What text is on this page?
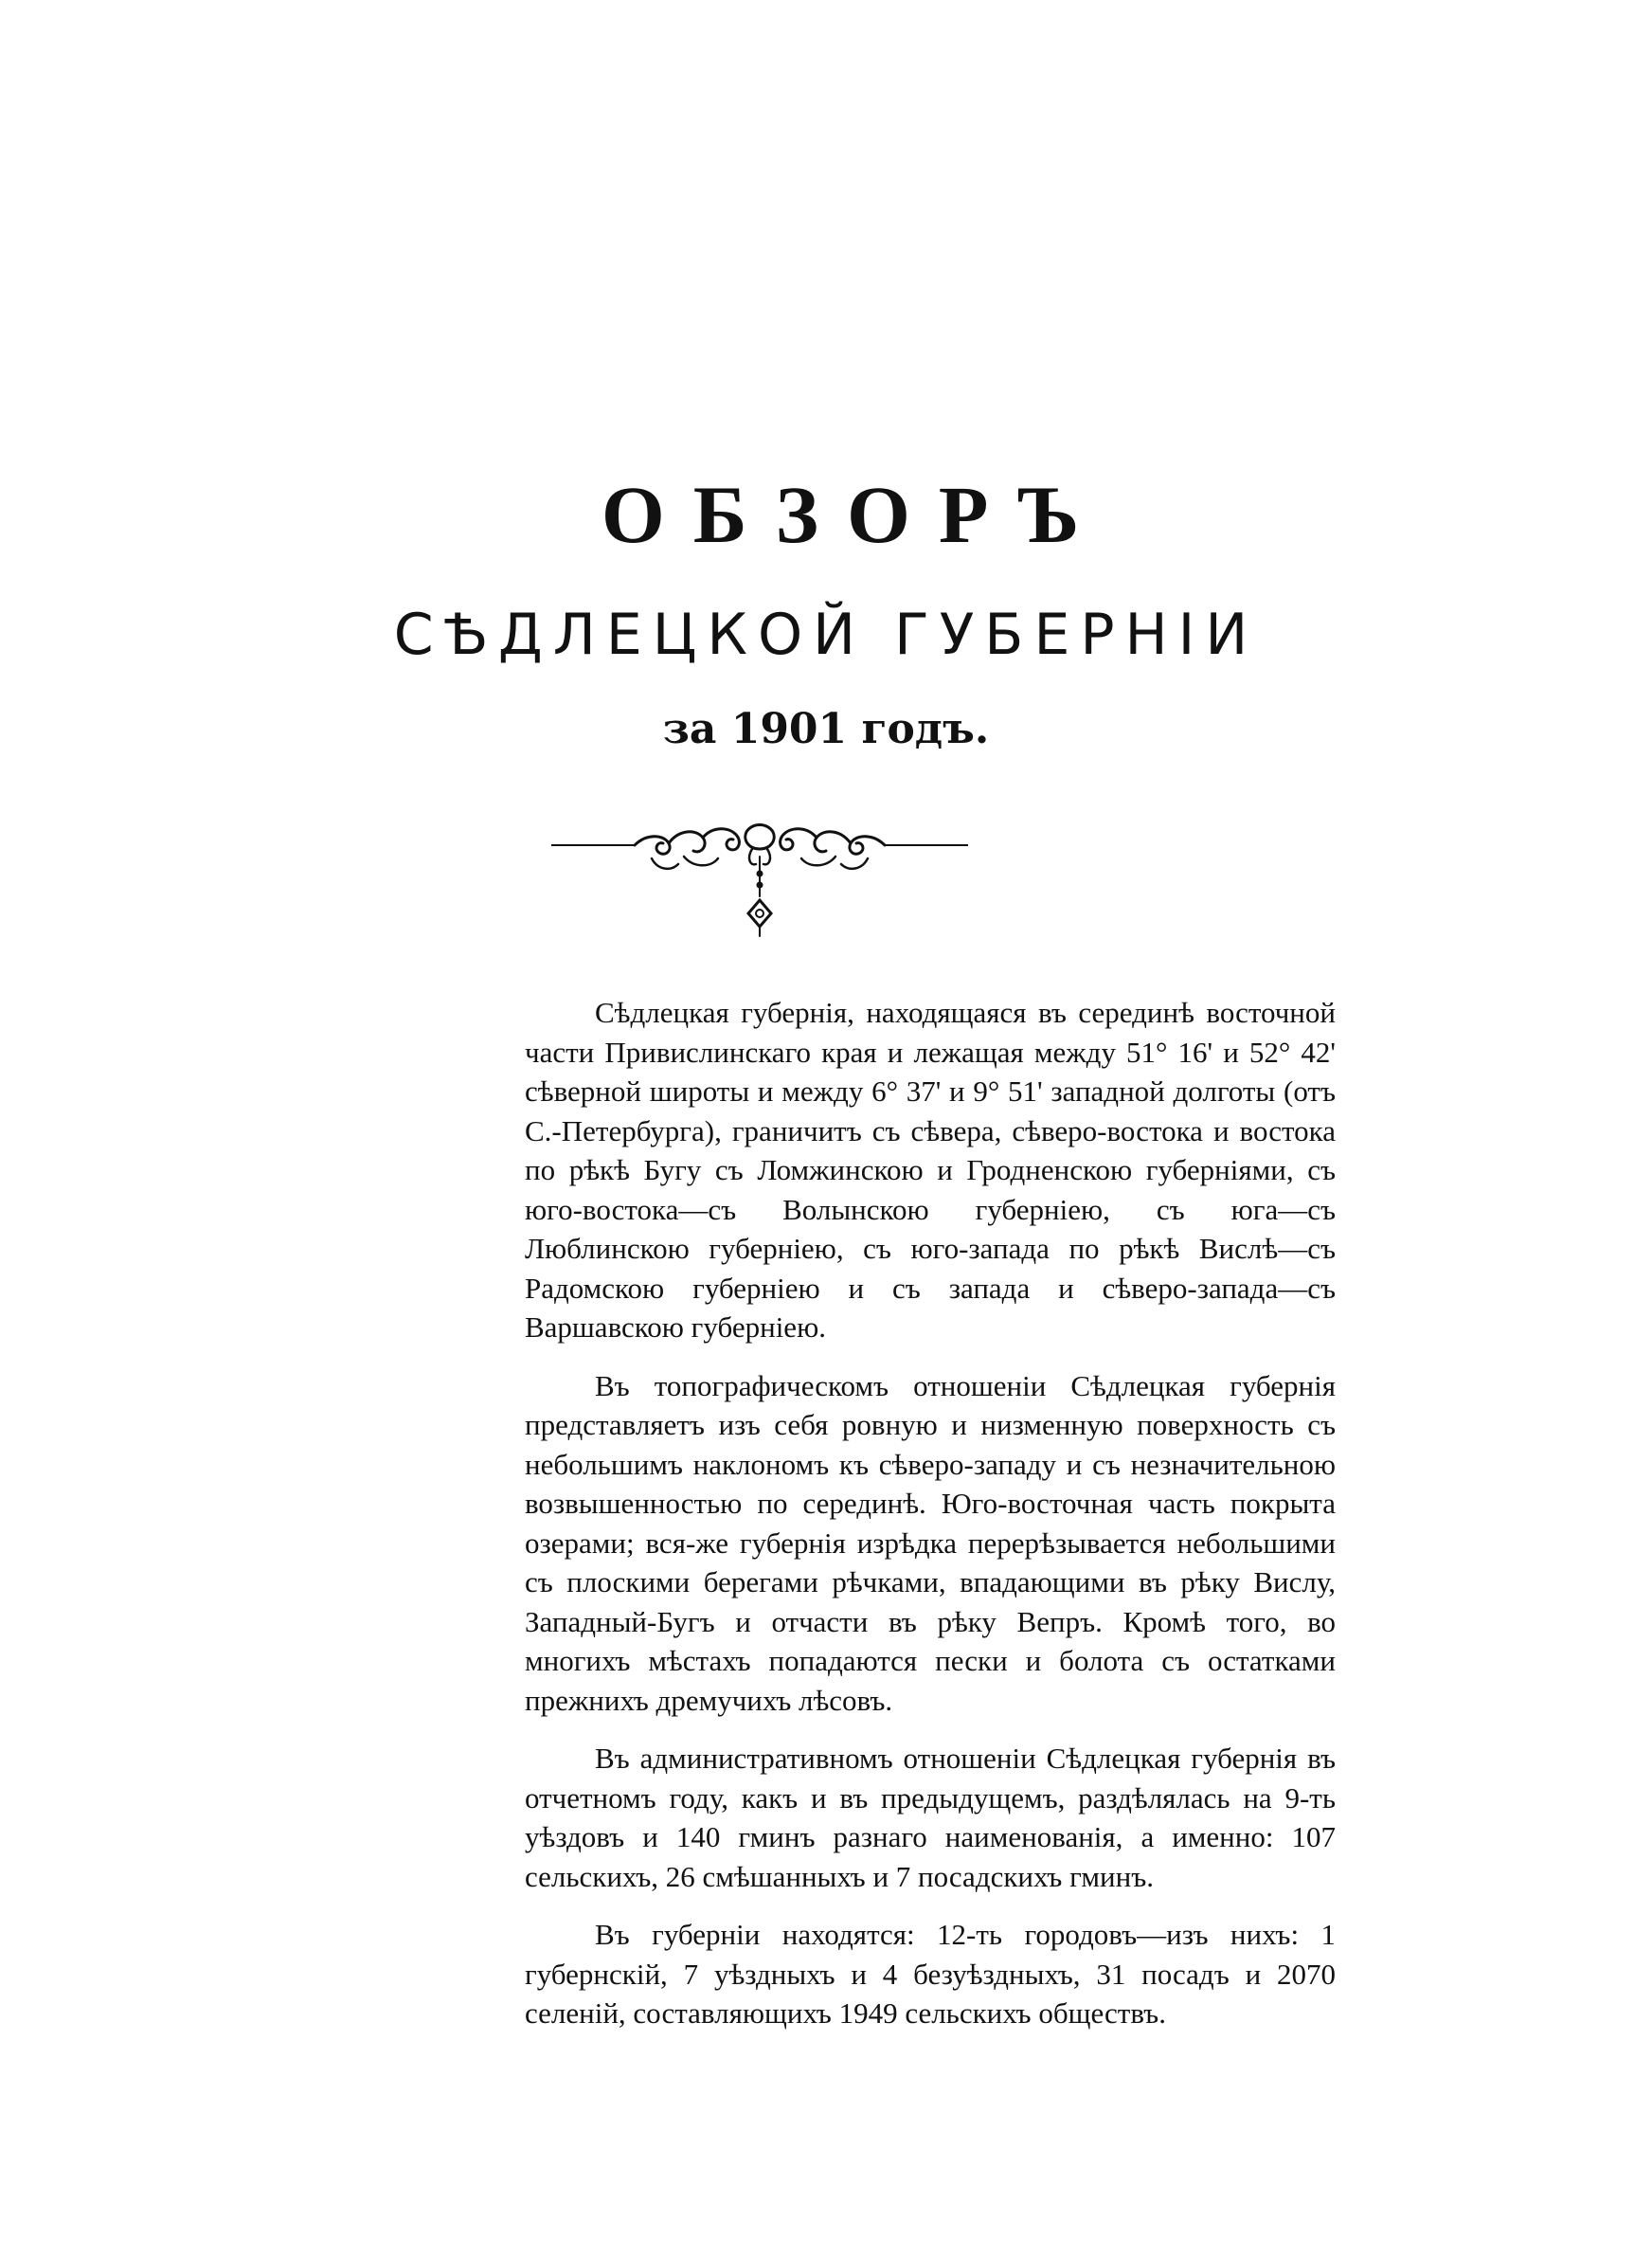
ОБЗОРЪ
СѢДЛЕЦКОЙ ГУБЕРНІИ
за 1901 годъ.

Сѣдлецкая губернія, находящаяся въ серединѣ восточной части Привислинскаго края и лежащая между 51° 16' и 52° 42' сѣверной широты и между 6° 37' и 9° 51' западной долготы (отъ С.-Петербурга), граничитъ съ сѣвера, сѣверо-востока и востока по рѣкѣ Бугу съ Ломжинскою и Гродненскою губерніями, съ юго-востока—съ Волынскою губерніею, съ юга—съ Люблинскою губерніею, съ юго-запада по рѣкѣ Вислѣ—съ Радомскою губерніею и съ запада и сѣверо-запада—съ Варшавскою губерніею.

Въ топографическомъ отношеніи Сѣдлецкая губернія представляетъ изъ себя ровную и низменную поверхность съ небольшимъ наклономъ къ сѣверо-западу и съ незначительною возвышенностью по серединѣ. Юго-восточная часть покрыта озерами; вся-же губернія изрѣдка перерѣзывается небольшими съ плоскими берегами рѣчками, впадающими въ рѣку Вислу, Западный-Бугъ и отчасти въ рѣку Вепръ. Кромѣ того, во многихъ мѣстахъ попадаются пески и болота съ остатками прежнихъ дремучихъ лѣсовъ.

Въ административномъ отношеніи Сѣдлецкая губернія въ отчетномъ году, какъ и въ предыдущемъ, раздѣлялась на 9-ть уѣздовъ и 140 гминъ разнаго наименованія, а именно: 107 сельскихъ, 26 смѣшанныхъ и 7 посадскихъ гминъ.

Въ губерніи находятся: 12-ть городовъ—изъ нихъ: 1 губернскій, 7 уѣздныхъ и 4 безуѣздныхъ, 31 посадъ и 2070 селеній, составляющихъ 1949 сельскихъ обществъ.
